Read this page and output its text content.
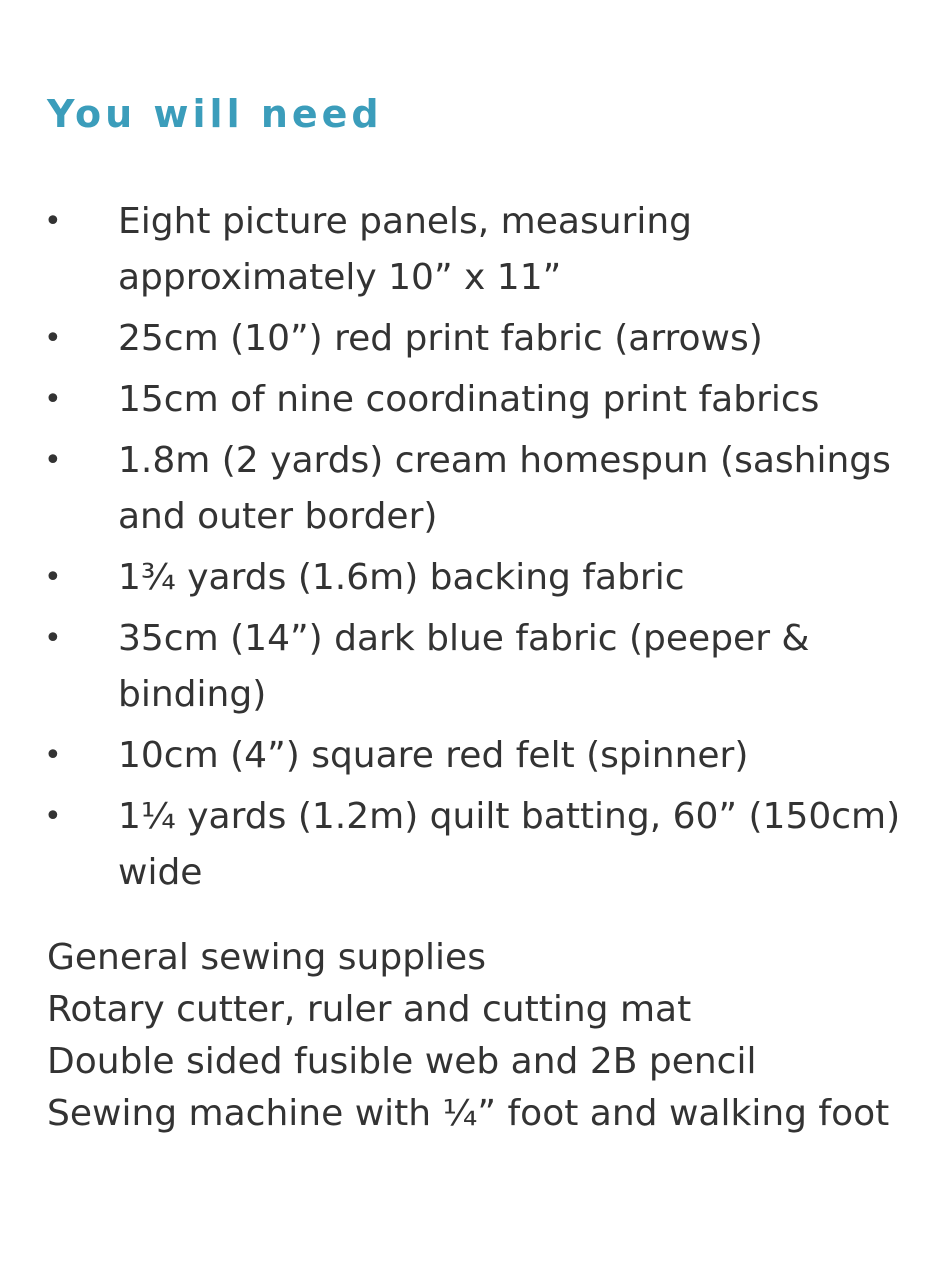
You will need
• Eight picture panels, measuring approximately 10” x 11”
• 25cm (10”) red print fabric (arrows)
• 15cm of nine coordinating print fabrics
• 1.8m (2 yards) cream homespun (sashings and outer border)
• 1¾ yards (1.6m) backing fabric
• 35cm (14”) dark blue fabric (peeper & binding)
• 10cm (4”) square red felt (spinner)
• 1¼ yards (1.2m) quilt batting, 60” (150cm) wide
General sewing supplies
Rotary cutter, ruler and cutting mat
Double sided fusible web and 2B pencil
Sewing machine with ¼” foot and walking foot
